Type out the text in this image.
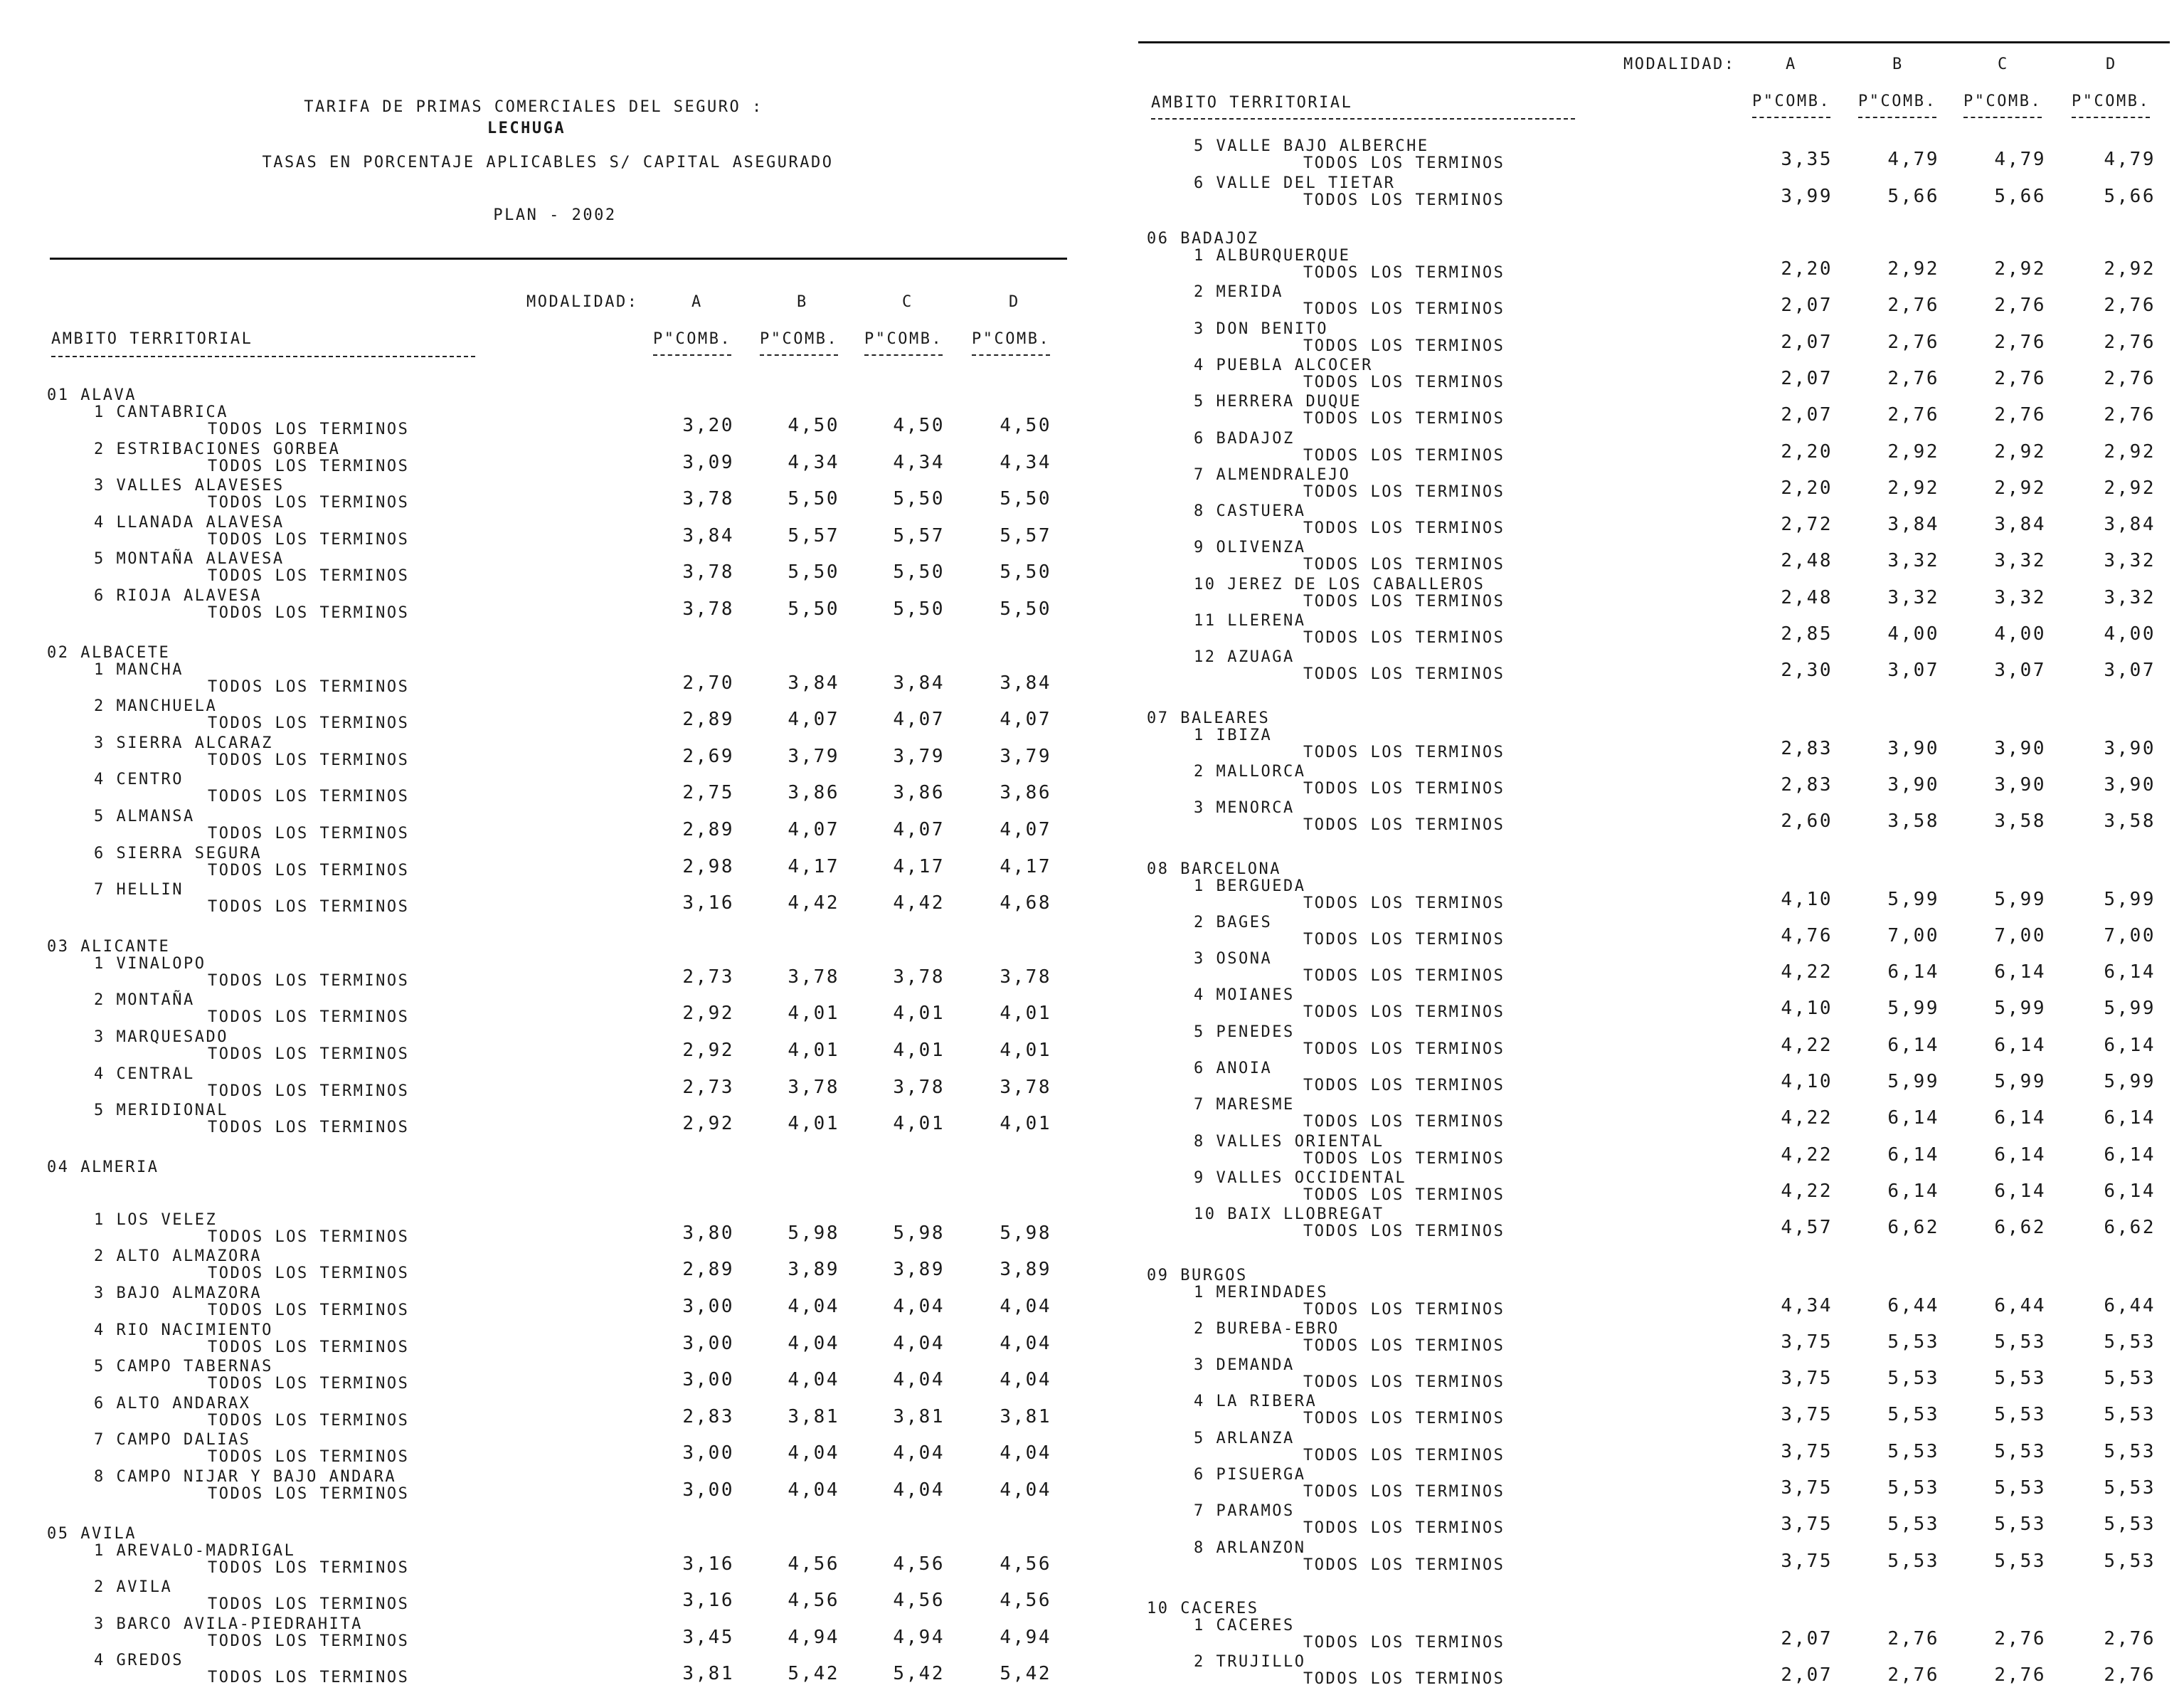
TARIFA DE PRIMAS COMERCIALES DEL SEGURO :
LECHUGA
TASAS EN PORCENTAJE APLICABLES S/ CAPITAL ASEGURADO
PLAN - 2002
MODALIDAD:	A	B	C	D
AMBITO TERRITORIAL	P"COMB. P"COMB. P"COMB. P"COMB.
01 ALAVA
1 CANTABRICA
TODOS LOS TERMINOS	3,20	4,50	4,50	4,50
2 ESTRIBACIONES GORBEA
TODOS LOS TERMINOS	3,09	4,34	4,34	4,34
3 VALLES ALAVESES
TODOS LOS TERMINOS	3,78	5,50	5,50	5,50
4 LLANADA ALAVESA
TODOS LOS TERMINOS	3,84	5,57	5,57	5,57
5 MONTAÑA ALAVESA
TODOS LOS TERMINOS	3,78	5,50	5,50	5,50
6 RIOJA ALAVESA
TODOS LOS TERMINOS	3,78	5,50	5,50	5,50
02 ALBACETE
1 MANCHA
TODOS LOS TERMINOS	2,70	3,84	3,84	3,84
2 MANCHUELA
TODOS LOS TERMINOS	2,89	4,07	4,07	4,07
3 SIERRA ALCARAZ
TODOS LOS TERMINOS	2,69	3,79	3,79	3,79
4 CENTRO
TODOS LOS TERMINOS	2,75	3,86	3,86	3,86
5 ALMANSA
TODOS LOS TERMINOS	2,89	4,07	4,07	4,07
6 SIERRA SEGURA
TODOS LOS TERMINOS	2,98	4,17	4,17	4,17
7 HELLIN
TODOS LOS TERMINOS	3,16	4,42	4,42	4,68
03 ALICANTE
1 VINALOPO
TODOS LOS TERMINOS	2,73	3,78	3,78	3,78
2 MONTAÑA
TODOS LOS TERMINOS	2,92	4,01	4,01	4,01
3 MARQUESADO
TODOS LOS TERMINOS	2,92	4,01	4,01	4,01
4 CENTRAL
TODOS LOS TERMINOS	2,73	3,78	3,78	3,78
5 MERIDIONAL
TODOS LOS TERMINOS	2,92	4,01	4,01	4,01
04 ALMERIA
1 LOS VELEZ
TODOS LOS TERMINOS	3,80	5,98	5,98	5,98
2 ALTO ALMAZORA
TODOS LOS TERMINOS	2,89	3,89	3,89	3,89
3 BAJO ALMAZORA
TODOS LOS TERMINOS	3,00	4,04	4,04	4,04
4 RIO NACIMIENTO
TODOS LOS TERMINOS	3,00	4,04	4,04	4,04
5 CAMPO TABERNAS
TODOS LOS TERMINOS	3,00	4,04	4,04	4,04
6 ALTO ANDARAX
TODOS LOS TERMINOS	2,83	3,81	3,81	3,81
7 CAMPO DALIAS
TODOS LOS TERMINOS	3,00	4,04	4,04	4,04
8 CAMPO NIJAR Y BAJO ANDARA
TODOS LOS TERMINOS	3,00	4,04	4,04	4,04
05 AVILA
1 AREVALO-MADRIGAL
TODOS LOS TERMINOS	3,16	4,56	4,56	4,56
2 AVILA
TODOS LOS TERMINOS	3,16	4,56	4,56	4,56
3 BARCO AVILA-PIEDRAHITA
TODOS LOS TERMINOS	3,45	4,94	4,94	4,94
4 GREDOS
TODOS LOS TERMINOS	3,81	5,42	5,42	5,42
MODALIDAD:	A	B	C	D
AMBITO TERRITORIAL	P"COMB. P"COMB. P"COMB. P"COMB.
5 VALLE BAJO ALBERCHE
TODOS LOS TERMINOS	3,35	4,79	4,79	4,79
6 VALLE DEL TIETAR
TODOS LOS TERMINOS	3,99	5,66	5,66	5,66
06 BADAJOZ
1 ALBURQUERQUE
TODOS LOS TERMINOS	2,20	2,92	2,92	2,92
2 MERIDA
TODOS LOS TERMINOS	2,07	2,76	2,76	2,76
3 DON BENITO
TODOS LOS TERMINOS	2,07	2,76	2,76	2,76
4 PUEBLA ALCOCER
TODOS LOS TERMINOS	2,07	2,76	2,76	2,76
5 HERRERA DUQUE
TODOS LOS TERMINOS	2,07	2,76	2,76	2,76
6 BADAJOZ
TODOS LOS TERMINOS	2,20	2,92	2,92	2,92
7 ALMENDRALEJO
TODOS LOS TERMINOS	2,20	2,92	2,92	2,92
8 CASTUERA
TODOS LOS TERMINOS	2,72	3,84	3,84	3,84
9 OLIVENZA
TODOS LOS TERMINOS	2,48	3,32	3,32	3,32
10 JEREZ DE LOS CABALLEROS
TODOS LOS TERMINOS	2,48	3,32	3,32	3,32
11 LLERENA
TODOS LOS TERMINOS	2,85	4,00	4,00	4,00
12 AZUAGA
TODOS LOS TERMINOS	2,30	3,07	3,07	3,07
07 BALEARES
1 IBIZA
TODOS LOS TERMINOS	2,83	3,90	3,90	3,90
2 MALLORCA
TODOS LOS TERMINOS	2,83	3,90	3,90	3,90
3 MENORCA
TODOS LOS TERMINOS	2,60	3,58	3,58	3,58
08 BARCELONA
1 BERGUEDA
TODOS LOS TERMINOS	4,10	5,99	5,99	5,99
2 BAGES
TODOS LOS TERMINOS	4,76	7,00	7,00	7,00
3 OSONA
TODOS LOS TERMINOS	4,22	6,14	6,14	6,14
4 MOIANES
TODOS LOS TERMINOS	4,10	5,99	5,99	5,99
5 PENEDES
TODOS LOS TERMINOS	4,22	6,14	6,14	6,14
6 ANOIA
TODOS LOS TERMINOS	4,10	5,99	5,99	5,99
7 MARESME
TODOS LOS TERMINOS	4,22	6,14	6,14	6,14
8 VALLES ORIENTAL
TODOS LOS TERMINOS	4,22	6,14	6,14	6,14
9 VALLES OCCIDENTAL
TODOS LOS TERMINOS	4,22	6,14	6,14	6,14
10 BAIX LLOBREGAT
TODOS LOS TERMINOS	4,57	6,62	6,62	6,62
09 BURGOS
1 MERINDADES
TODOS LOS TERMINOS	4,34	6,44	6,44	6,44
2 BUREBA-EBRO
TODOS LOS TERMINOS	3,75	5,53	5,53	5,53
3 DEMANDA
TODOS LOS TERMINOS	3,75	5,53	5,53	5,53
4 LA RIBERA
TODOS LOS TERMINOS	3,75	5,53	5,53	5,53
5 ARLANZA
TODOS LOS TERMINOS	3,75	5,53	5,53	5,53
6 PISUERGA
TODOS LOS TERMINOS	3,75	5,53	5,53	5,53
7 PARAMOS
TODOS LOS TERMINOS	3,75	5,53	5,53	5,53
8 ARLANZON
TODOS LOS TERMINOS	3,75	5,53	5,53	5,53
10 CACERES
1 CACERES
TODOS LOS TERMINOS	2,07	2,76	2,76	2,76
2 TRUJILLO
TODOS LOS TERMINOS	2,07	2,76	2,76	2,76
